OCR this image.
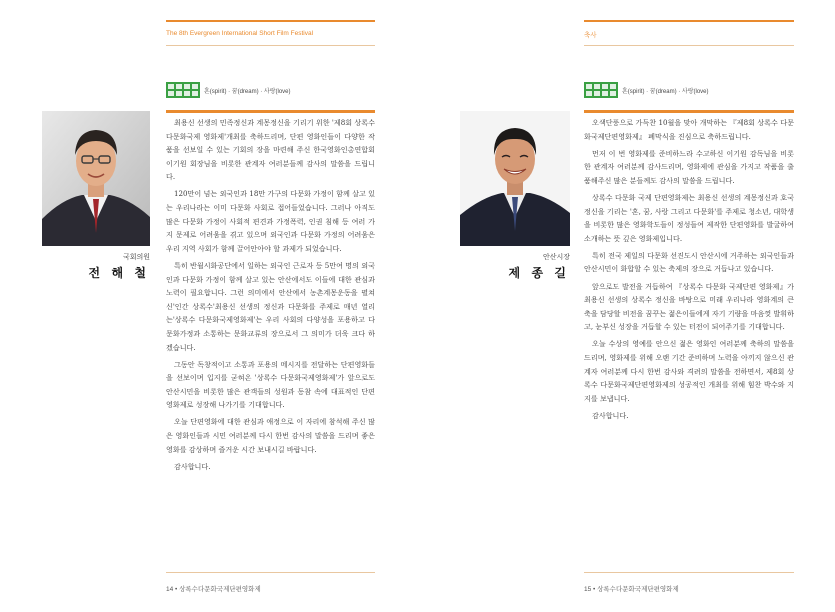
The 8th Evergreen International Short Film Festival
혼(spirit) · 꿈(dream) · 사랑(love)
국회의원
전 해 철

최용신 선생의 민족정신과 계몽정신을 기리기 위한 '제8회 상록수 다문화국제 영화제'개최를 축하드리며, 단편 영화인들이 다양한 작품을 선보일 수 있는 기회의 장을 마련해 주신 한국영화인총연합회 이기원 회장님을 비롯한 관계자 여러분들께 감사의 말씀을 드립니다.

120만이 넘는 외국인과 18만 가구의 다문화 가정이 함께 살고 있는 우리나라는 이미 다문화 사회로 접어들었습니다. 그러나 아직도 많은 다문화 가정이 사회적 편견과 가정폭력, 인권 침해 등 여러 가지 문제로 어려움을 겪고 있으며 외국인과 다문화 가정의 어려움은 우리 지역 사회가 함께 끌어안아야 할 과제가 되었습니다.

특히 반월시화공단에서 일하는 외국인 근로자 등 5만여 명의 외국인과 다문화 가정이 함께 살고 있는 안산에서도 이들에 대한 관심과 노력이 필요합니다. 그런 의미에서 안산에서 농촌계몽운동을 펼쳐 신'인간 상록수'최용신 선생의 정신과 다문화를 주제로 매년 열리는'상록수 다문화국제영화제'는 우리 사회의 다양성을 포용하고 다문화가정과 소통하는 문화교류의 장으로서 그 의미가 더욱 크다 하겠습니다.

그동안 독창적이고 소통과 포용의 메시지를 전달하는 단편영화들을 선보이며 입지를 굳혀온 '상록수 다문화국제영화제'가 앞으로도 안산시민을 비롯한 많은 관객들의 성원과 동참 속에 대표적인 단편영화제로 성장해 나가기를 기대합니다.

오늘 단편영화에 대한 관심과 애정으로 이 자리에 참석해 주신 많은 영화인들과 시민 여러분께 다시 한번 감사의 말씀을 드리며 좋은 영화를 감상하며 즐거운 시간 보내시길 바랍니다.

감사합니다.

14 • 상록수다문화국제단편영화제
축사
혼(spirit) · 꿈(dream) · 사랑(love)
안산시장
제 종 길

오색단풍으로 가득찬 10월을 맞아 개막하는 『제8회 상록수 다문화국제단편영화제』 폐막식을 진심으로 축하드립니다.

먼저 이 번 영화제를 준비하느라 수고하신 이기원 감독님을 비롯한 관계자 여러분께 감사드리며, 영화제에 관심을 가지고 작품을 출품해주신 많은 분들께도 감사의 말씀을 드립니다.

상록수 다문화 국제 단편영화제는 최용신 선생의 계몽정신과 호국정신을 기리는 '혼, 꿈, 사랑 그리고 다문화'를 주제로 청소년, 대학생을 비롯한 많은 영화학도들이 정성들여 제작한 단편영화를 발굴하여 소개하는 뜻 깊은 영화제입니다.

특히 전국 제일의 다문화 선진도시 안산시에 거주하는 외국인들과 안산시민이 화합할 수 있는 축제의 장으로 거듭나고 있습니다.

앞으로도 발전을 거듭하여 『상록수 다문화 국제단편 영화제』가 최용신 선생의 상록수 정신을 바탕으로 미래 우리나라 영화계의 큰 축을 담당할 비전을 꿈꾸는 젊은이들에게 자기 기량을 마음껏 발휘하고, 눈부신 성장을 거듭할 수 있는 터전이 되어주기를 기대합니다.

오늘 수상의 영예를 안으신 젊은 영화인 여러분께 축하의 말씀을 드리며, 영화제를 위해 오랜 기간 준비하며 노력을 아끼지 않으신 관계자 여러분께 다시 한번 감사와 격려의 말씀을 전하면서, 제8회 상록수 다문화국제단편영화제의 성공적인 개최를 위해 힘찬 박수와 지지를 보냅니다.

감사합니다.

15 • 상록수다문화국제단편영화제
